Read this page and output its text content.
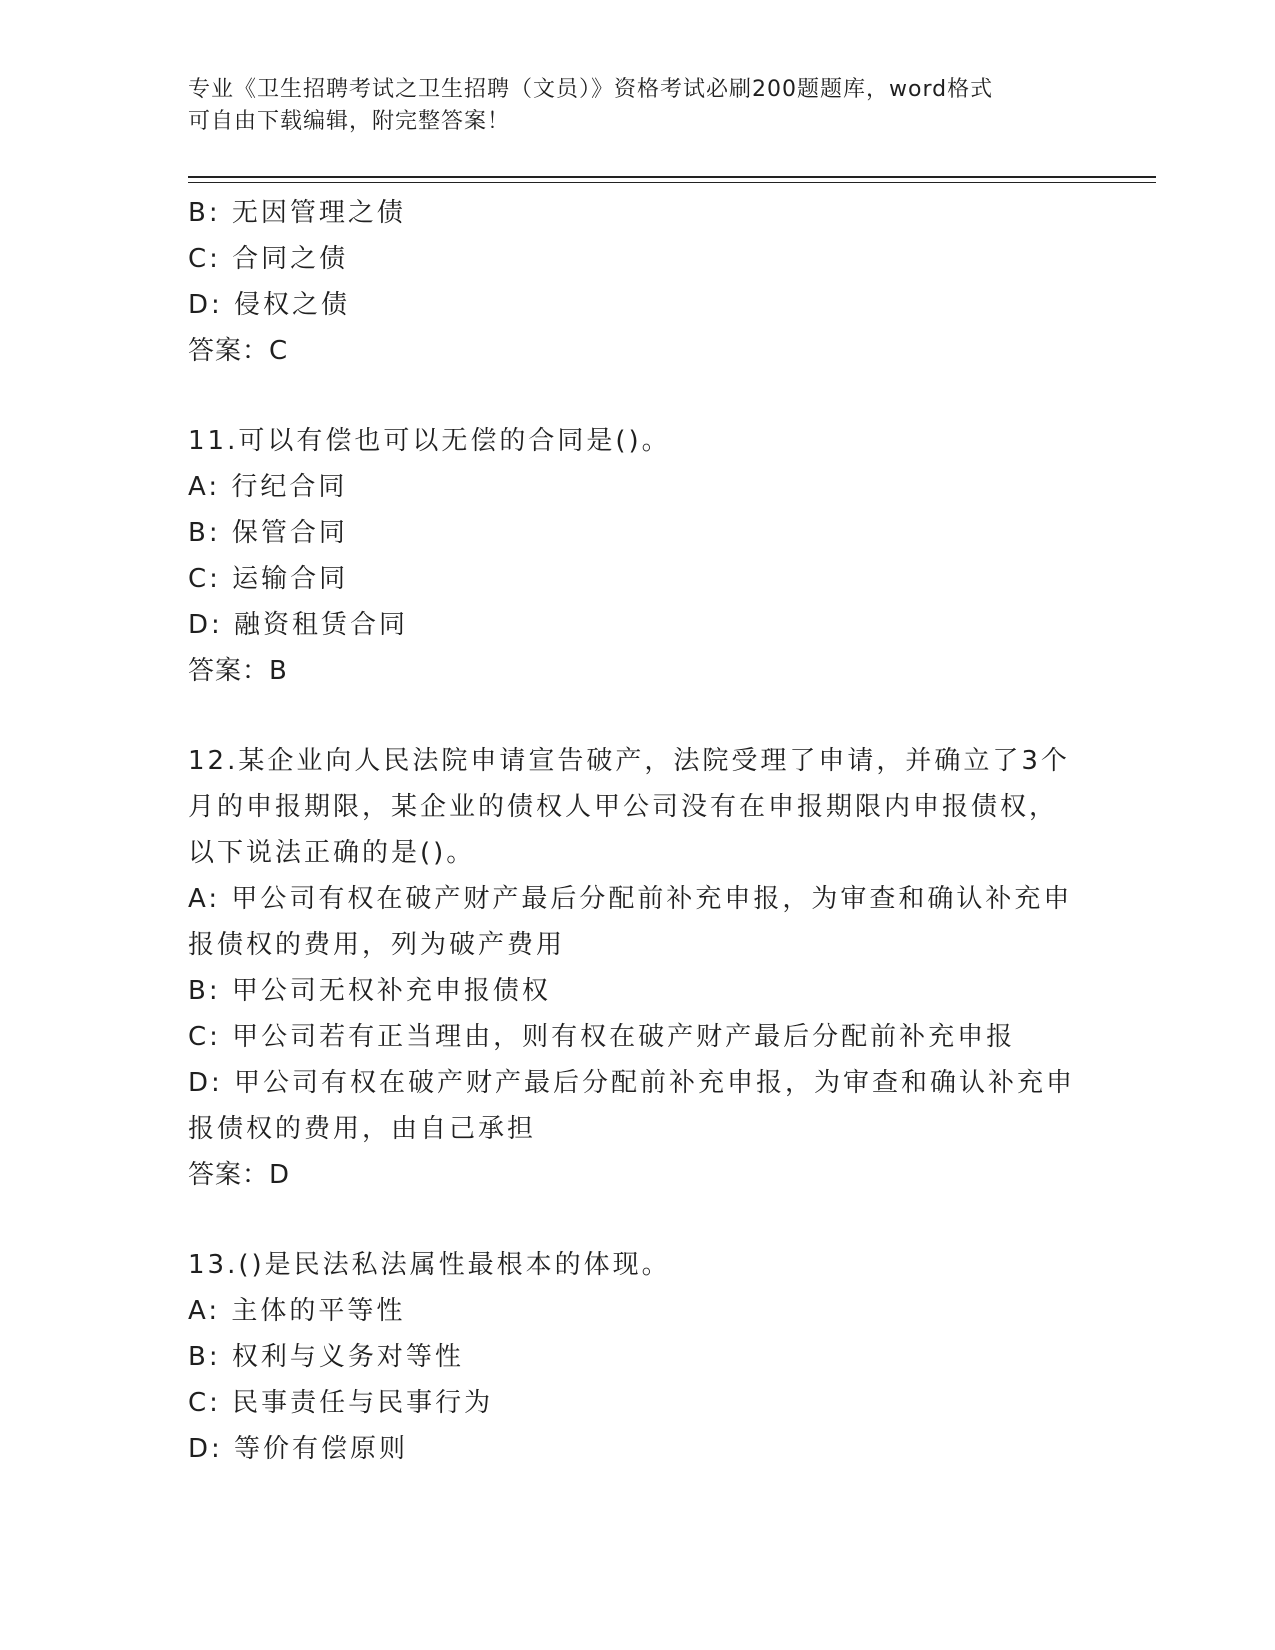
专业《卫生招聘考试之卫生招聘（文员）》资格考试必刷200题题库，word格式

可自由下载编辑，附完整答案！

B: 无因管理之债

C: 合同之债

D: 侵权之债

答案：C

11.可以有偿也可以无偿的合同是()。

A: 行纪合同

B: 保管合同

C: 运输合同

D: 融资租赁合同

答案：B

12.某企业向人民法院申请宣告破产，法院受理了申请，并确立了3个

月的申报期限，某企业的债权人甲公司没有在申报期限内申报债权，

以下说法正确的是()。

A: 甲公司有权在破产财产最后分配前补充申报，为审查和确认补充申

报债权的费用，列为破产费用

B: 甲公司无权补充申报债权

C: 甲公司若有正当理由，则有权在破产财产最后分配前补充申报

D: 甲公司有权在破产财产最后分配前补充申报，为审查和确认补充申

报债权的费用，由自己承担

答案：D

13.()是民法私法属性最根本的体现。

A: 主体的平等性

B: 权利与义务对等性

C: 民事责任与民事行为

D: 等价有偿原则
